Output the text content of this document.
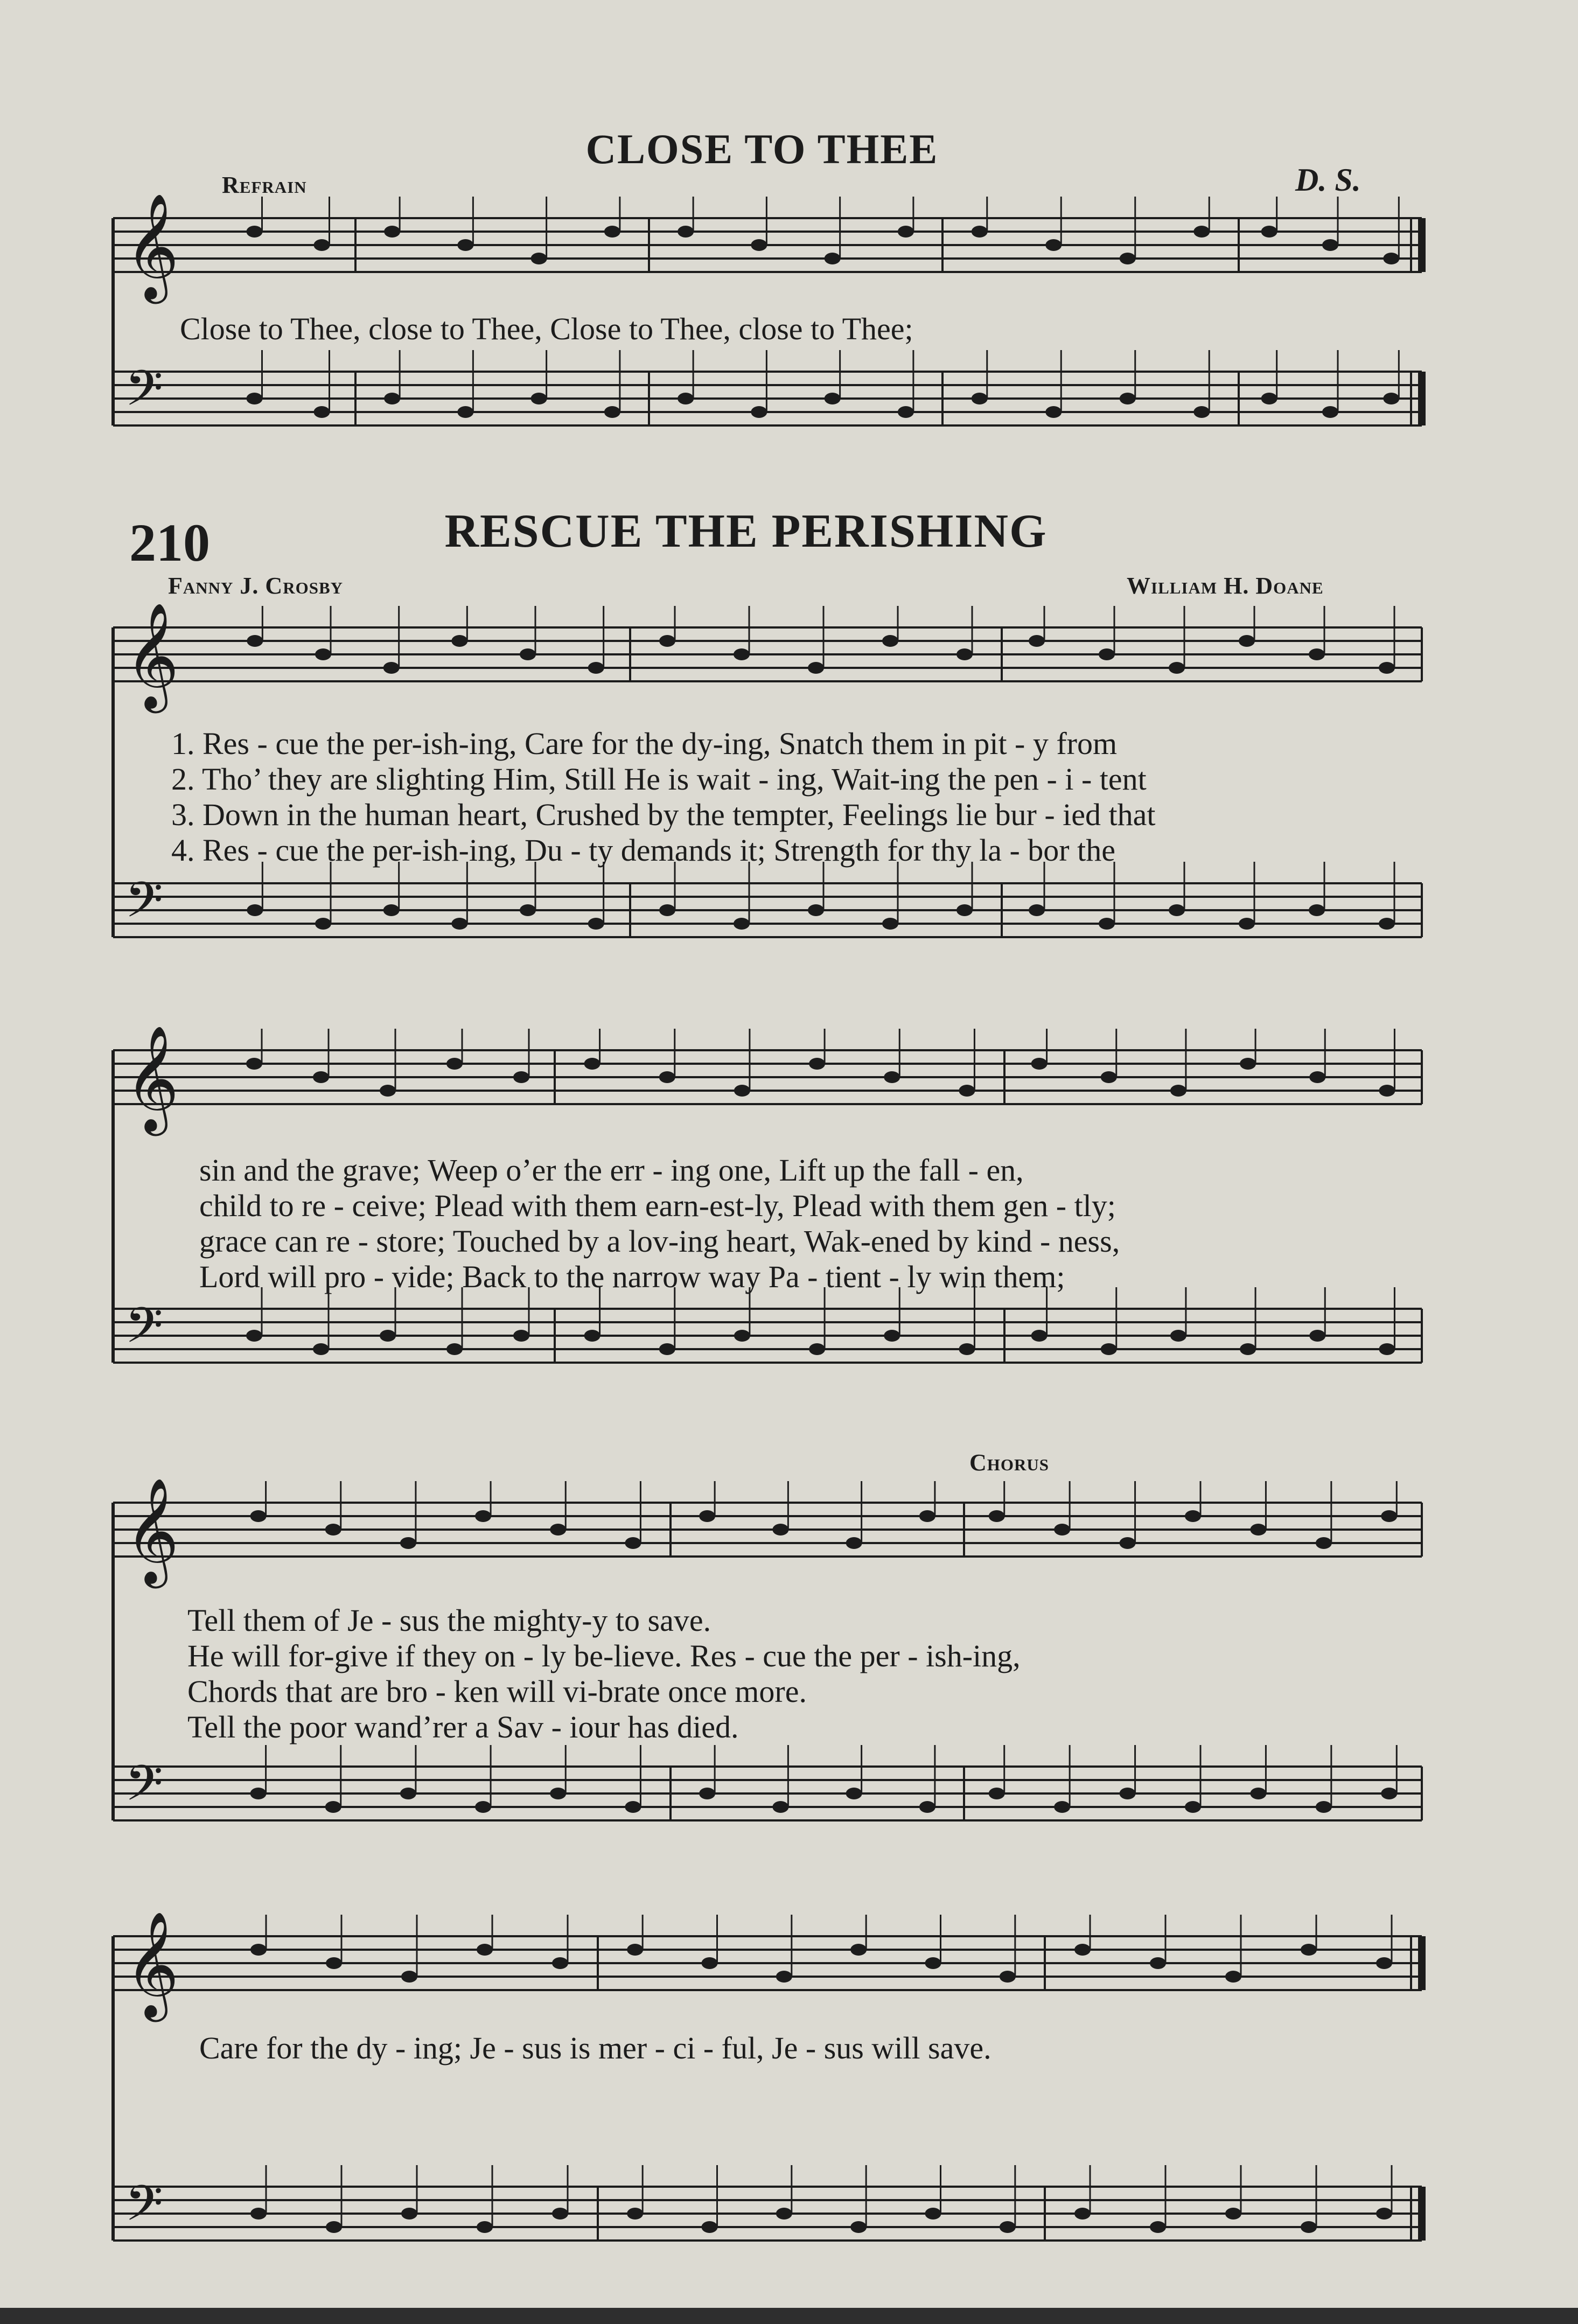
CLOSE TO THEE
Refrain	D. S.
Close to Thee, close to Thee, Close to Thee, close to Thee;
210	RESCUE THE PERISHING
Fanny J. Crosby	William H. Doane
Chorus
1. Res - cue the per-ish-ing, Care for the dy-ing, Snatch them in pit - y from
2. Tho’ they are slighting Him, Still He is wait - ing, Wait-ing the pen - i - tent
3. Down in the human heart, Crushed by the tempter, Feelings lie bur - ied that
4. Res - cue the per-ish-ing, Du - ty demands it; Strength for thy la - bor the
sin and the grave; Weep o’er the err - ing one, Lift up the fall - en,
child to re - ceive; Plead with them earn-est-ly, Plead with them gen - tly;
grace can re - store; Touched by a lov-ing heart, Wak-ened by kind - ness,
Lord will pro - vide; Back to the narrow way Pa - tient - ly win them;
Tell them of Je - sus the mighty-y to save.
He will for-give if they on - ly be-lieve. Res - cue the per - ish-ing,
Chords that are bro - ken will vi-brate once more.
Tell the poor wand’rer a Sav - iour has died.
Care for the dy - ing; Je - sus is mer - ci - ful, Je - sus will save.
𝄞
𝄢
𝄞
𝄢
𝄞
𝄢
𝄞
𝄢
𝄞
𝄢
